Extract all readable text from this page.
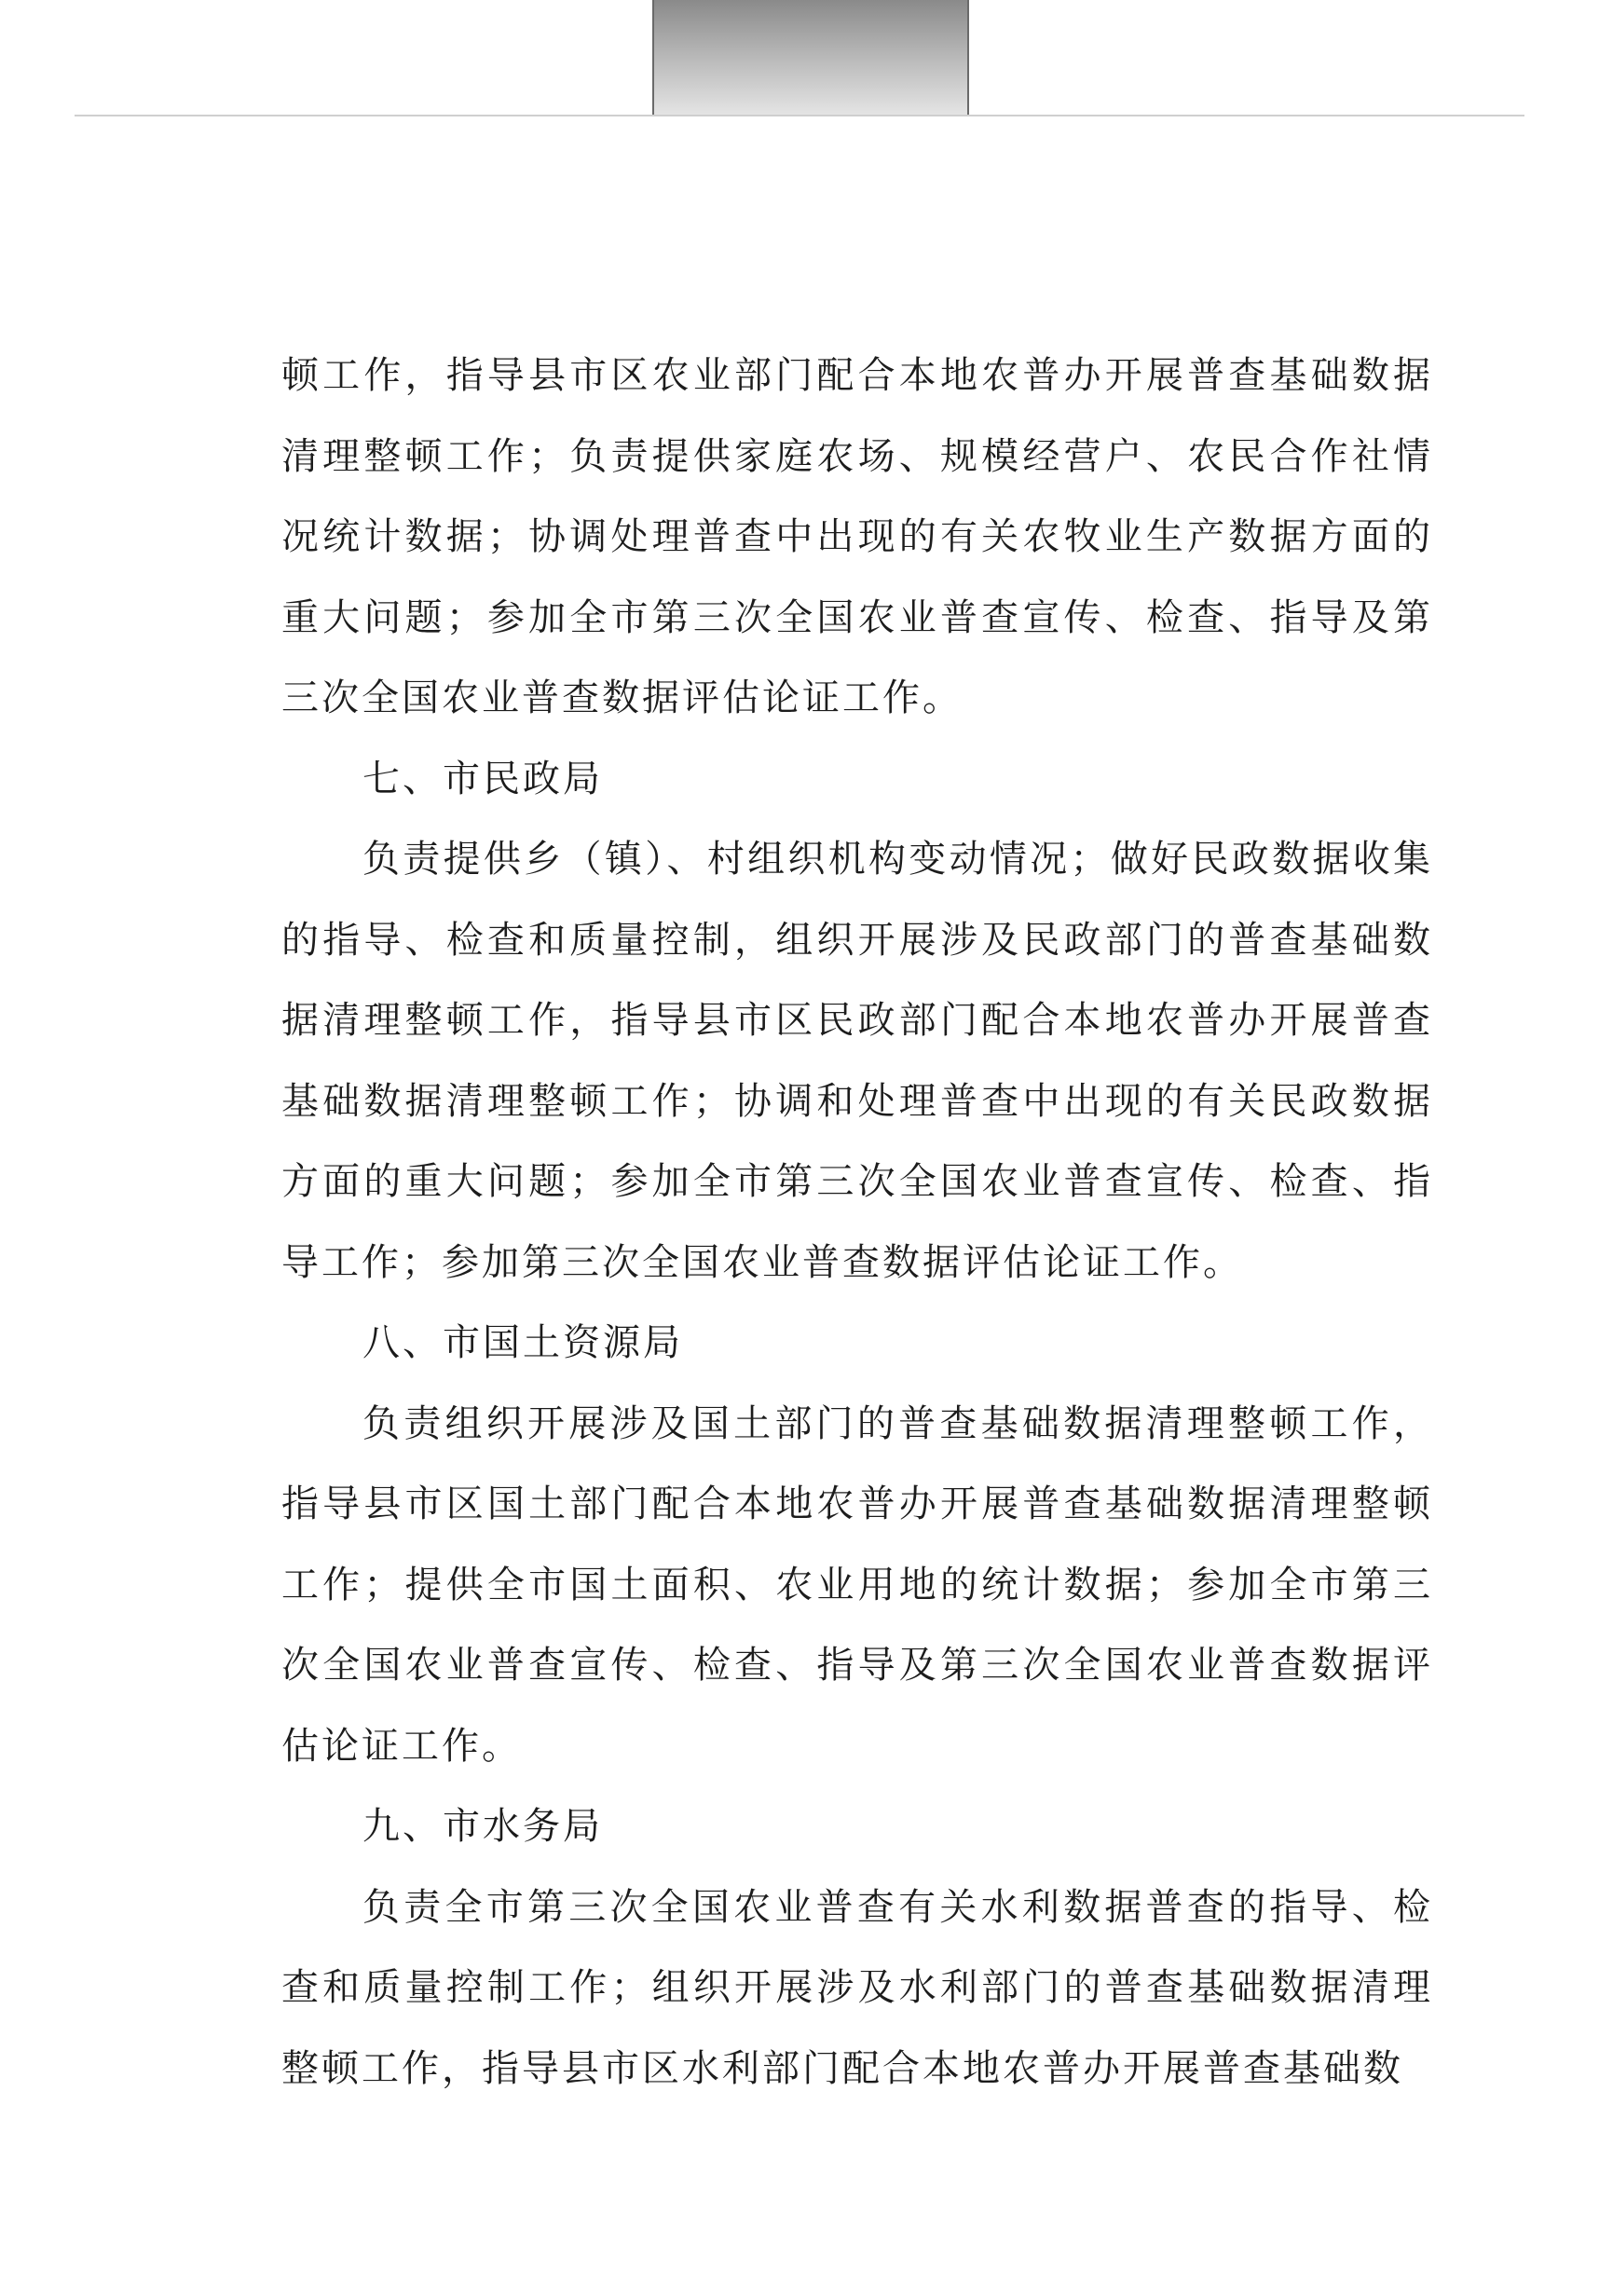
顿工作，指导县市区农业部门配合本地农普办开展普查基础数据清理整顿工作；负责提供家庭农场、规模经营户、农民合作社情况统计数据；协调处理普查中出现的有关农牧业生产数据方面的重大问题；参加全市第三次全国农业普查宣传、检查、指导及第三次全国农业普查数据评估论证工作。

七、市民政局

负责提供乡（镇）、村组织机构变动情况；做好民政数据收集的指导、检查和质量控制，组织开展涉及民政部门的普查基础数据清理整顿工作，指导县市区民政部门配合本地农普办开展普查基础数据清理整顿工作；协调和处理普查中出现的有关民政数据方面的重大问题；参加全市第三次全国农业普查宣传、检查、指导工作；参加第三次全国农业普查数据评估论证工作。

八、市国土资源局

负责组织开展涉及国土部门的普查基础数据清理整顿工作，指导县市区国土部门配合本地农普办开展普查基础数据清理整顿工作；提供全市国土面积、农业用地的统计数据；参加全市第三次全国农业普查宣传、检查、指导及第三次全国农业普查数据评估论证工作。

九、市水务局

负责全市第三次全国农业普查有关水利数据普查的指导、检查和质量控制工作；组织开展涉及水利部门的普查基础数据清理整顿工作，指导县市区水利部门配合本地农普办开展普查基础数
